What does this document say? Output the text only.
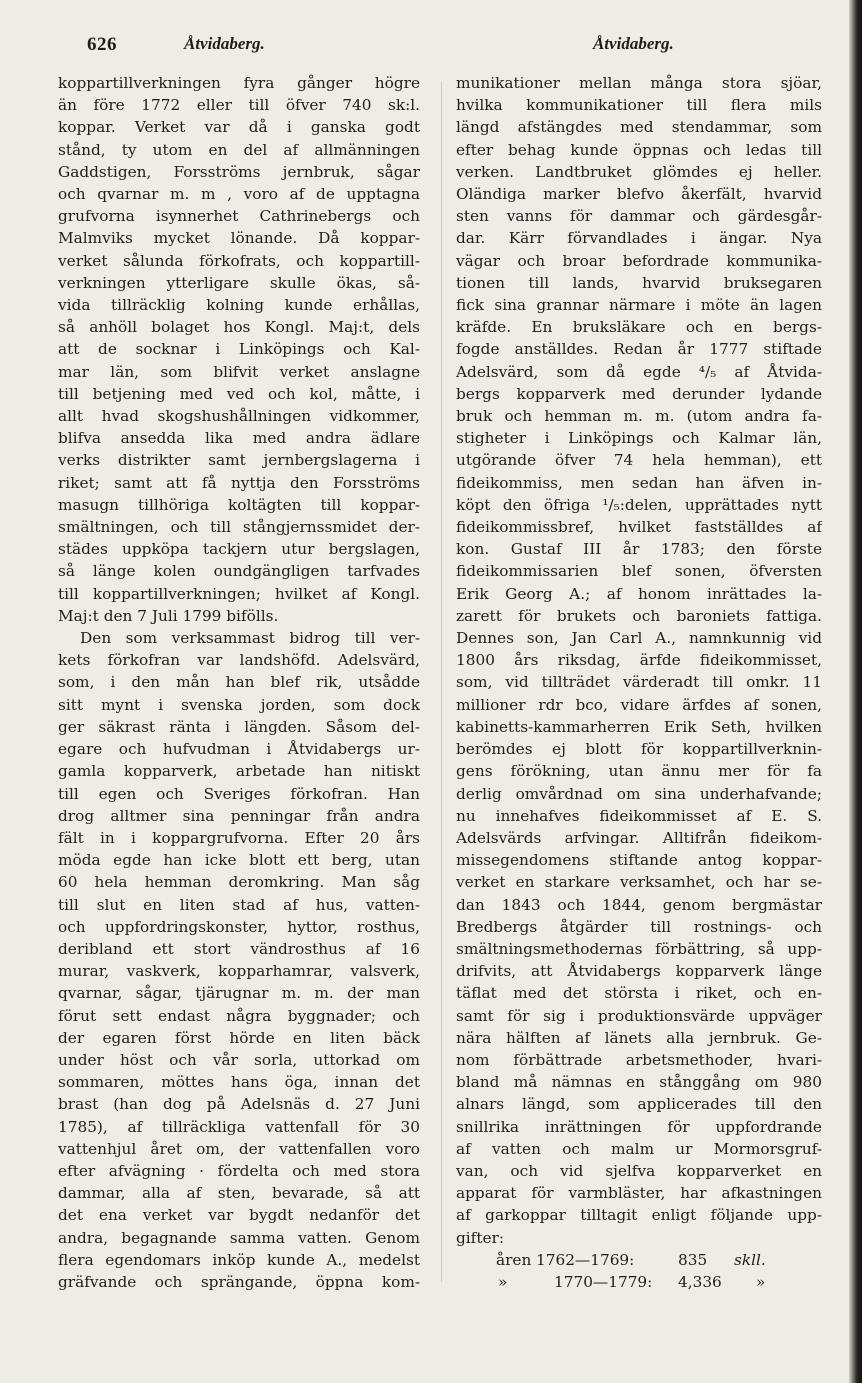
626	Åtvidaberg.	Åtvidaberg.
koppartillverkningen fyra gånger högre
än före 1772 eller till öfver 740 sk:l.
koppar. Verket var då i ganska godt
stånd, ty utom en del af allmänningen
Gaddstigen, Forsströms jernbruk, sågar
och qvarnar m. m , voro af de upptagna
grufvorna isynnerhet Cathrinebergs och
Malmviks mycket lönande. Då koppar-
verket sålunda förkofrats, och koppartill-
verkningen ytterligare skulle ökas, så-
vida tillräcklig kolning kunde erhållas,
så anhöll bolaget hos Kongl. Maj:t, dels
att de socknar i Linköpings och Kal-
mar län, som blifvit verket anslagne
till betjening med ved och kol, måtte, i
allt hvad skogshushållningen vidkommer,
blifva ansedda lika med andra ädlare
verks distrikter samt jernbergslagerna i
riket; samt att få nyttja den Forsströms
masugn tillhöriga koltägten till koppar-
smältningen, och till stångjernssmidet der-
städes uppköpa tackjern utur bergslagen,
så länge kolen oundgängligen tarfvades
till koppartillverkningen; hvilket af Kongl.
Maj:t den 7 Juli 1799 bifölls.
Den som verksammast bidrog till ver-
kets förkofran var landshöfd. Adelsvärd,
som, i den mån han blef rik, utsådde
sitt mynt i svenska jorden, som dock
ger säkrast ränta i längden. Såsom del-
egare och hufvudman i Åtvidabergs ur-
gamla kopparverk, arbetade han nitiskt
till egen och Sveriges förkofran. Han
drog alltmer sina penningar från andra
fält in i koppargrufvorna. Efter 20 års
möda egde han icke blott ett berg, utan
60 hela hemman deromkring. Man såg
till slut en liten stad af hus, vatten-
och uppfordringskonster, hyttor, rosthus,
deribland ett stort vändrosthus af 16
murar, vaskverk, kopparhamrar, valsverk,
qvarnar, sågar, tjärugnar m. m. der man
förut sett endast några byggnader; och
der egaren först hörde en liten bäck
under höst och vår sorla, uttorkad om
sommaren, möttes hans öga, innan det
brast (han dog på Adelsnäs d. 27 Juni
1785), af tillräckliga vattenfall för 30
vattenhjul året om, der vattenfallen voro
efter afvägning · fördelta och med stora
dammar, alla af sten, bevarade, så att
det ena verket var bygdt nedanför det
andra, begagnande samma vatten. Genom
flera egendomars inköp kunde A., medelst
gräfvande och sprängande, öppna kom-
munikationer mellan många stora sjöar,
hvilka kommunikationer till flera mils
längd afstängdes med stendammar, som
efter behag kunde öppnas och ledas till
verken. Landtbruket glömdes ej heller.
Oländiga marker blefvo åkerfält, hvarvid
sten vanns för dammar och gärdesgår-
dar. Kärr förvandlades i ängar. Nya
vägar och broar befordrade kommunika-
tionen till lands, hvarvid bruksegaren
fick sina grannar närmare i möte än lagen
kräfde. En bruksläkare och en bergs-
fogde anställdes. Redan år 1777 stiftade
Adelsvärd, som då egde ⁴/₅ af Åtvida-
bergs kopparverk med derunder lydande
bruk och hemman m. m. (utom andra fa-
stigheter i Linköpings och Kalmar län,
utgörande öfver 74 hela hemman), ett
fideikommiss, men sedan han äfven in-
köpt den öfriga ¹/₅:delen, upprättades nytt
fideikommissbref, hvilket fastställdes af
kon. Gustaf III år 1783; den förste
fideikommissarien blef sonen, öfversten
Erik Georg A.; af honom inrättades la-
zarett för brukets och baroniets fattiga.
Dennes son, Jan Carl A., namnkunnig vid
1800 års riksdag, ärfde fideikommisset,
som, vid tillträdet värderadt till omkr. 11
millioner rdr bco, vidare ärfdes af sonen,
kabinetts-kammarherren Erik Seth, hvilken
berömdes ej blott för koppartillverknin-
gens förökning, utan ännu mer för fa
derlig omvårdnad om sina underhafvande;
nu innehafves fideikommisset af E. S.
Adelsvärds arfvingar. Alltifrån fideikom-
missegendomens stiftande antog koppar-
verket en starkare verksamhet, och har se-
dan 1843 och 1844, genom bergmästar
Bredbergs åtgärder till rostnings- och
smältningsmethodernas förbättring, så upp-
drifvits, att Åtvidabergs kopparverk länge
täflat med det största i riket, och en-
samt för sig i produktionsvärde uppväger
nära hälften af länets alla jernbruk. Ge-
nom förbättrade arbetsmethoder, hvari-
bland må nämnas en stånggång om 980
alnars längd, som applicerades till den
snillrika inrättningen för uppfordrande
af vatten och malm ur Mormorsgruf-
van, och vid sjelfva kopparverket en
apparat för varmbläster, har afkastningen
af garkoppar tilltagit enligt följande upp-
gifter:
åren 1762—1769:	835 skll.
»	1770—1779: 4,336 »
